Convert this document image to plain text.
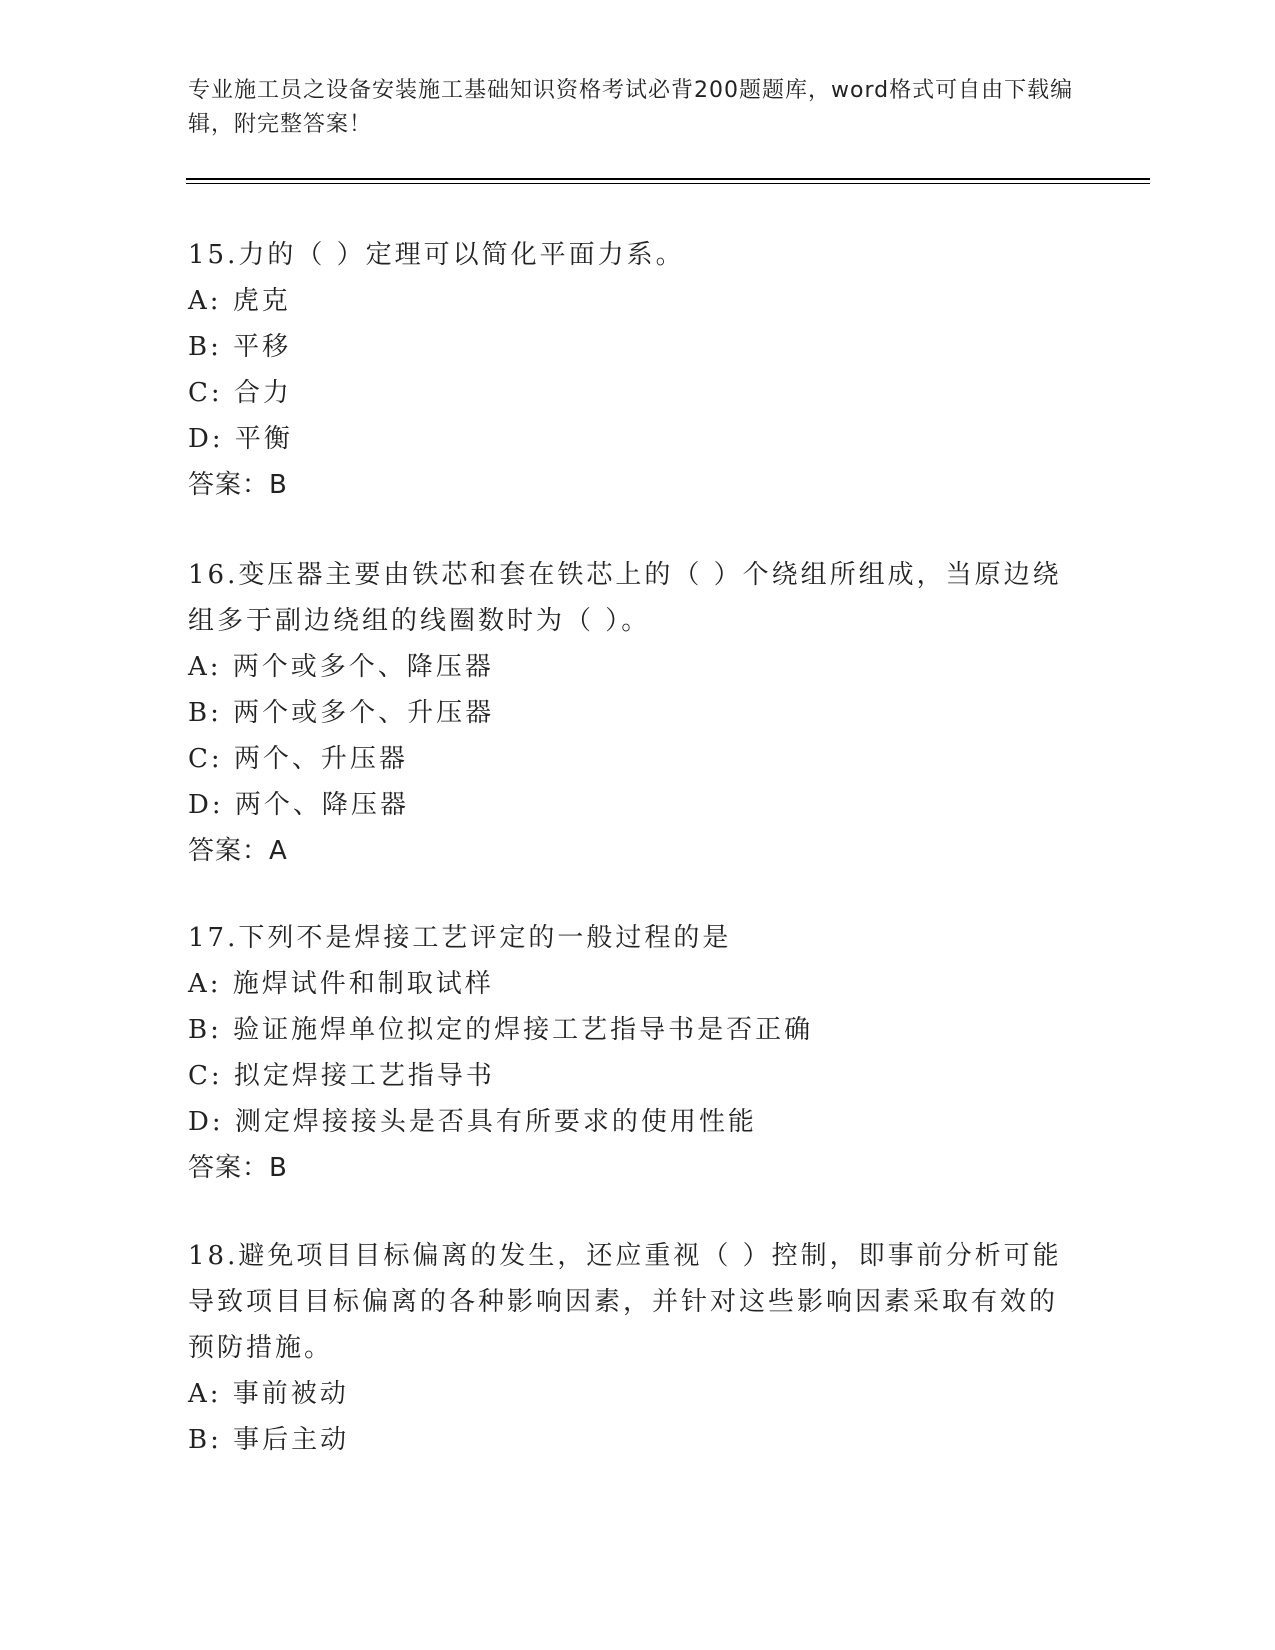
专业施工员之设备安装施工基础知识资格考试必背200题题库，word格式可自由下载编辑，附完整答案！

15.力的（ ）定理可以简化平面力系。

A: 虎克

B: 平移

C: 合力

D: 平衡

答案：B

16.变压器主要由铁芯和套在铁芯上的（ ）个绕组所组成，当原边绕组多于副边绕组的线圈数时为（ ）。

A: 两个或多个、降压器

B: 两个或多个、升压器

C: 两个、升压器

D: 两个、降压器

答案：A

17.下列不是焊接工艺评定的一般过程的是

A: 施焊试件和制取试样

B: 验证施焊单位拟定的焊接工艺指导书是否正确

C: 拟定焊接工艺指导书

D: 测定焊接接头是否具有所要求的使用性能

答案：B

18.避免项目目标偏离的发生，还应重视（ ）控制，即事前分析可能导致项目目标偏离的各种影响因素，并针对这些影响因素采取有效的预防措施。

A: 事前被动

B: 事后主动
